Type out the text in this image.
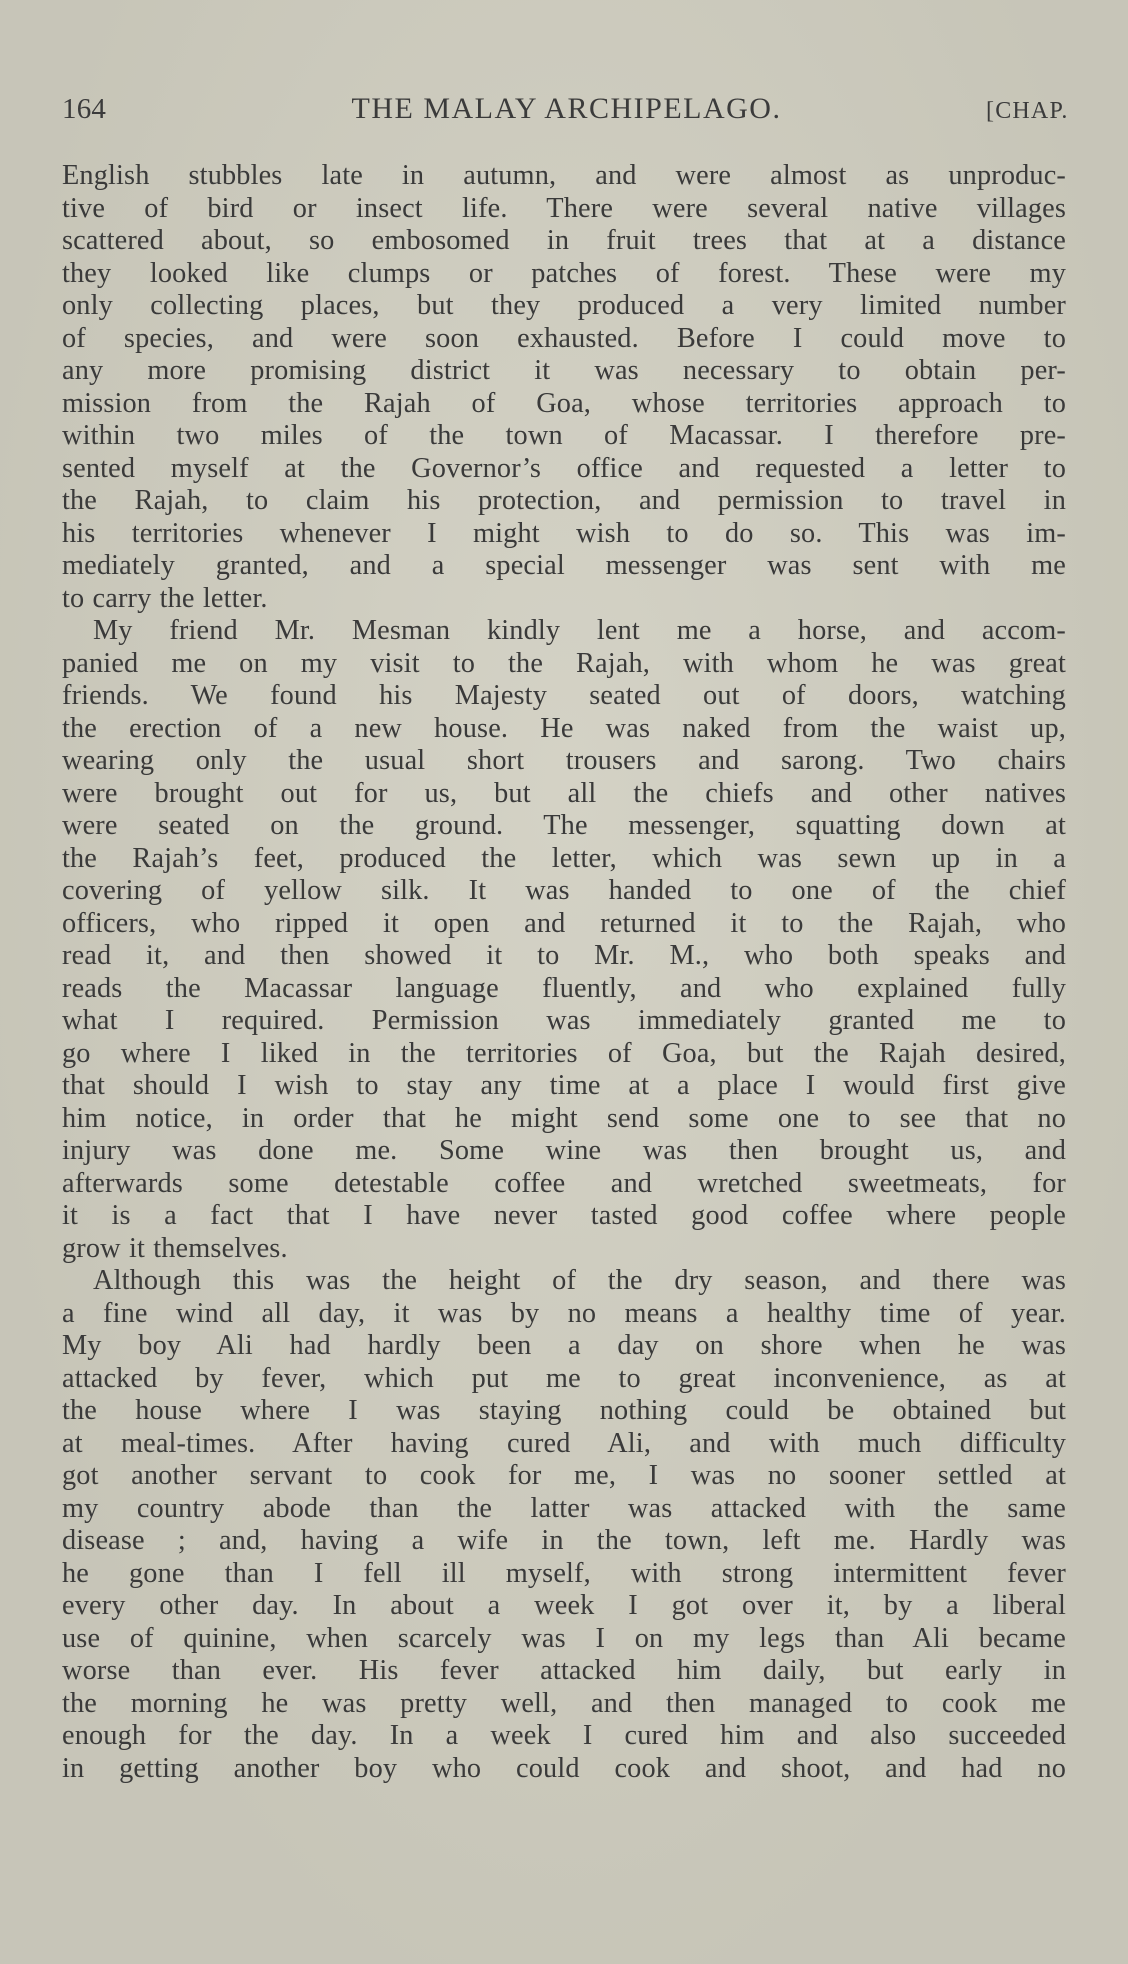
164	THE MALAY ARCHIPELAGO.	[CHAP.
English stubbles late in autumn, and were almost as unproduc-
tive of bird or insect life. There were several native villages
scattered about, so embosomed in fruit trees that at a distance
they looked like clumps or patches of forest. These were my
only collecting places, but they produced a very limited number
of species, and were soon exhausted. Before I could move to
any more promising district it was necessary to obtain per-
mission from the Rajah of Goa, whose territories approach to
within two miles of the town of Macassar. I therefore pre-
sented myself at the Governor’s office and requested a letter to
the Rajah, to claim his protection, and permission to travel in
his territories whenever I might wish to do so. This was im-
mediately granted, and a special messenger was sent with me
to carry the letter.
My friend Mr. Mesman kindly lent me a horse, and accom-
panied me on my visit to the Rajah, with whom he was great
friends. We found his Majesty seated out of doors, watching
the erection of a new house. He was naked from the waist up,
wearing only the usual short trousers and sarong. Two chairs
were brought out for us, but all the chiefs and other natives
were seated on the ground. The messenger, squatting down at
the Rajah’s feet, produced the letter, which was sewn up in a
covering of yellow silk. It was handed to one of the chief
officers, who ripped it open and returned it to the Rajah, who
read it, and then showed it to Mr. M., who both speaks and
reads the Macassar language fluently, and who explained fully
what I required. Permission was immediately granted me to
go where I liked in the territories of Goa, but the Rajah desired,
that should I wish to stay any time at a place I would first give
him notice, in order that he might send some one to see that no
injury was done me. Some wine was then brought us, and
afterwards some detestable coffee and wretched sweetmeats, for
it is a fact that I have never tasted good coffee where people
grow it themselves.
Although this was the height of the dry season, and there was
a fine wind all day, it was by no means a healthy time of year.
My boy Ali had hardly been a day on shore when he was
attacked by fever, which put me to great inconvenience, as at
the house where I was staying nothing could be obtained but
at meal-times. After having cured Ali, and with much difficulty
got another servant to cook for me, I was no sooner settled at
my country abode than the latter was attacked with the same
disease ; and, having a wife in the town, left me. Hardly was
he gone than I fell ill myself, with strong intermittent fever
every other day. In about a week I got over it, by a liberal
use of quinine, when scarcely was I on my legs than Ali became
worse than ever. His fever attacked him daily, but early in
the morning he was pretty well, and then managed to cook me
enough for the day. In a week I cured him and also succeeded
in getting another boy who could cook and shoot, and had no
